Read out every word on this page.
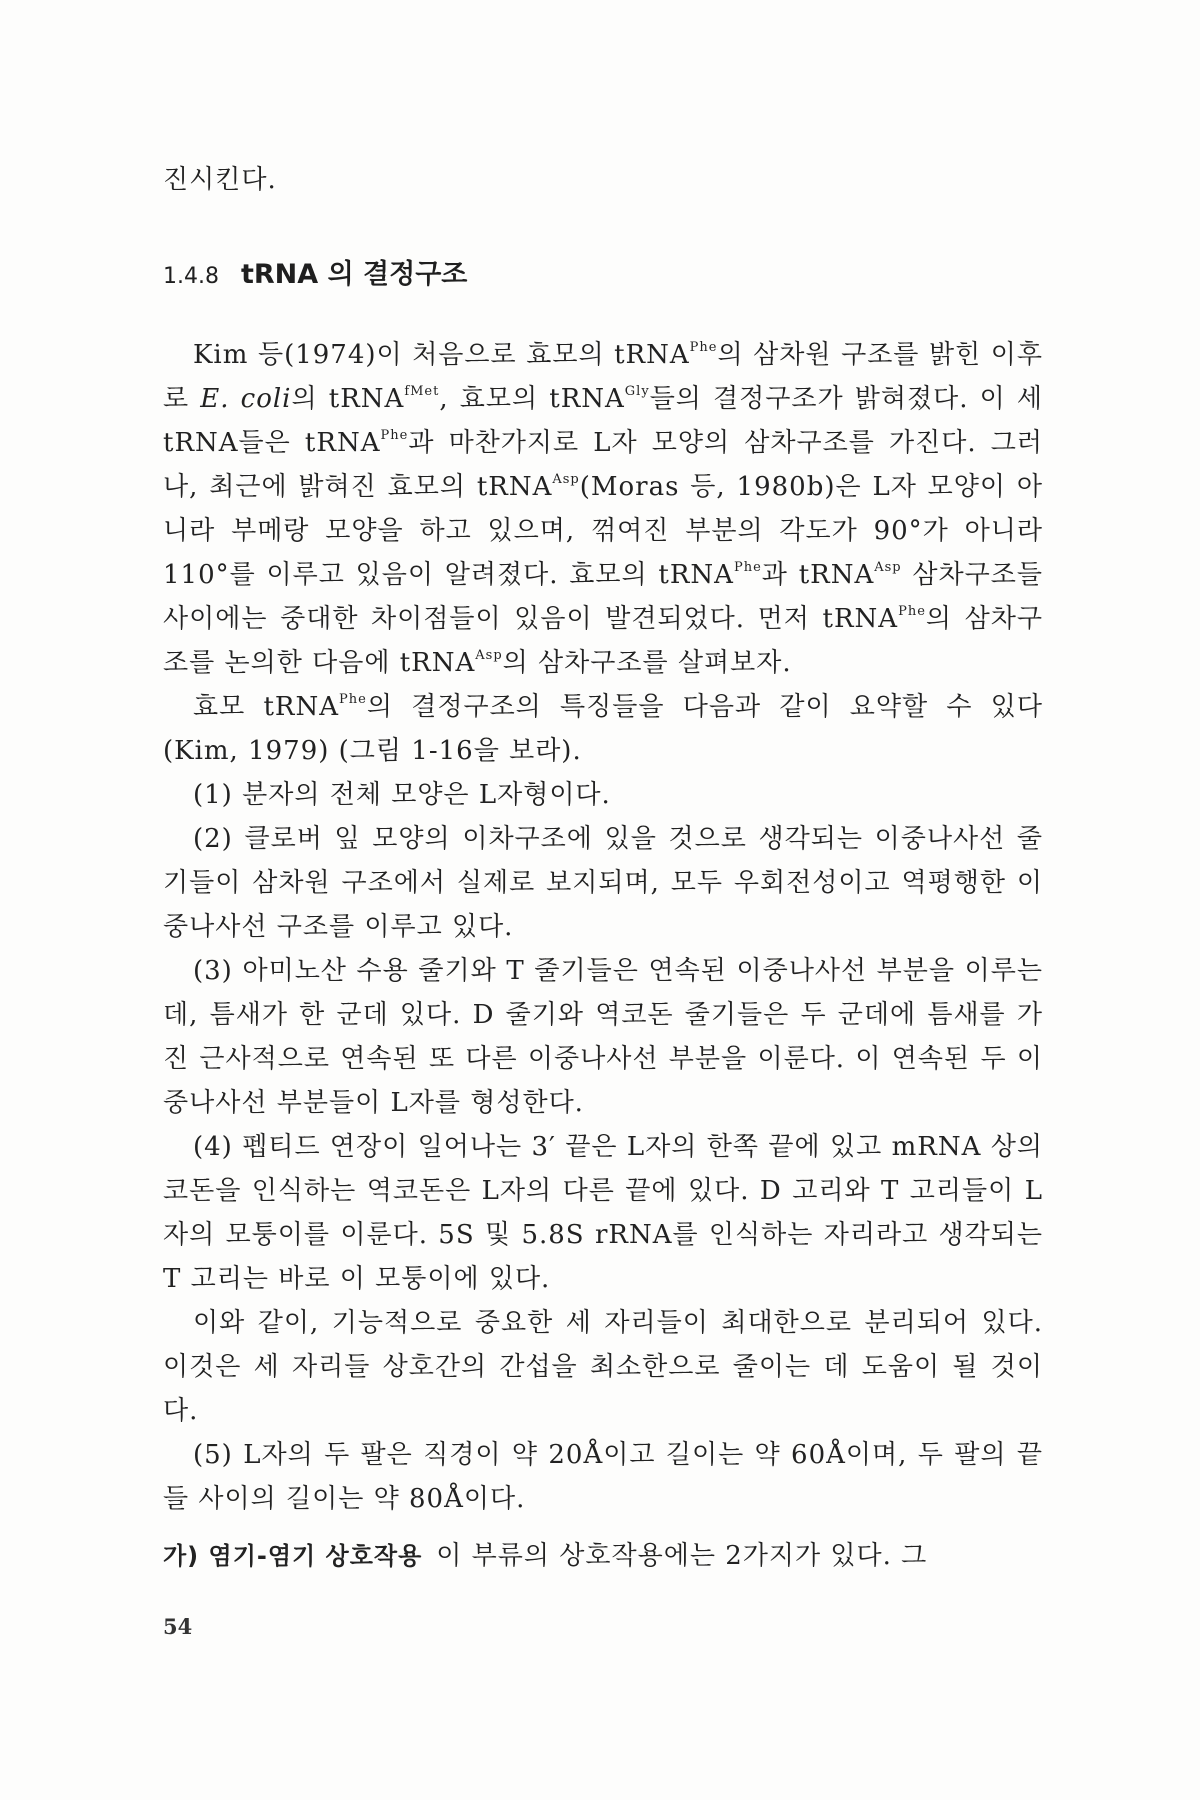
진시킨다.
1.4.8 tRNA 의 결정구조

Kim 등(1974)이 처음으로 효모의 tRNA$^{Phe}$의 삼차원 구조를 밝힌 이후로 E. coli의 tRNA$^{fMet}$, 효모의 tRNA$^{Gly}$들의 결정구조가 밝혀졌다. 이 세 tRNA들은 tRNA$^{Phe}$과 마찬가지로 L자 모양의 삼차구조를 가진다. 그러나, 최근에 밝혀진 효모의 tRNA$^{Asp}$(Moras 등, 1980b)은 L자 모양이 아니라 부메랑 모양을 하고 있으며, 꺾여진 부분의 각도가 90°가 아니라 110°를 이루고 있음이 알려졌다. 효모의 tRNA$^{Phe}$과 tRNA$^{Asp}$ 삼차구조들 사이에는 중대한 차이점들이 있음이 발견되었다. 먼저 tRNA$^{Phe}$의 삼차구조를 논의한 다음에 tRNA$^{Asp}$의 삼차구조를 살펴보자.

효모 tRNA$^{Phe}$의 결정구조의 특징들을 다음과 같이 요약할 수 있다 (Kim, 1979) (그림 1-16을 보라).

(1) 분자의 전체 모양은 L자형이다.

(2) 클로버 잎 모양의 이차구조에 있을 것으로 생각되는 이중나사선 줄기들이 삼차원 구조에서 실제로 보지되며, 모두 우회전성이고 역평행한 이중나사선 구조를 이루고 있다.

(3) 아미노산 수용 줄기와 T 줄기들은 연속된 이중나사선 부분을 이루는데, 틈새가 한 군데 있다. D 줄기와 역코돈 줄기들은 두 군데에 틈새를 가진 근사적으로 연속된 또 다른 이중나사선 부분을 이룬다. 이 연속된 두 이중나사선 부분들이 L자를 형성한다.

(4) 펩티드 연장이 일어나는 3′ 끝은 L자의 한쪽 끝에 있고 mRNA 상의 코돈을 인식하는 역코돈은 L자의 다른 끝에 있다. D 고리와 T 고리들이 L자의 모퉁이를 이룬다. 5S 및 5.8S rRNA를 인식하는 자리라고 생각되는 T 고리는 바로 이 모퉁이에 있다.

이와 같이, 기능적으로 중요한 세 자리들이 최대한으로 분리되어 있다. 이것은 세 자리들 상호간의 간섭을 최소한으로 줄이는 데 도움이 될 것이다.

(5) L자의 두 팔은 직경이 약 20Å이고 길이는 약 60Å이며, 두 팔의 끝들 사이의 길이는 약 80Å이다.

가) 염기-염기 상호작용 이 부류의 상호작용에는 2가지가 있다. 그
54
